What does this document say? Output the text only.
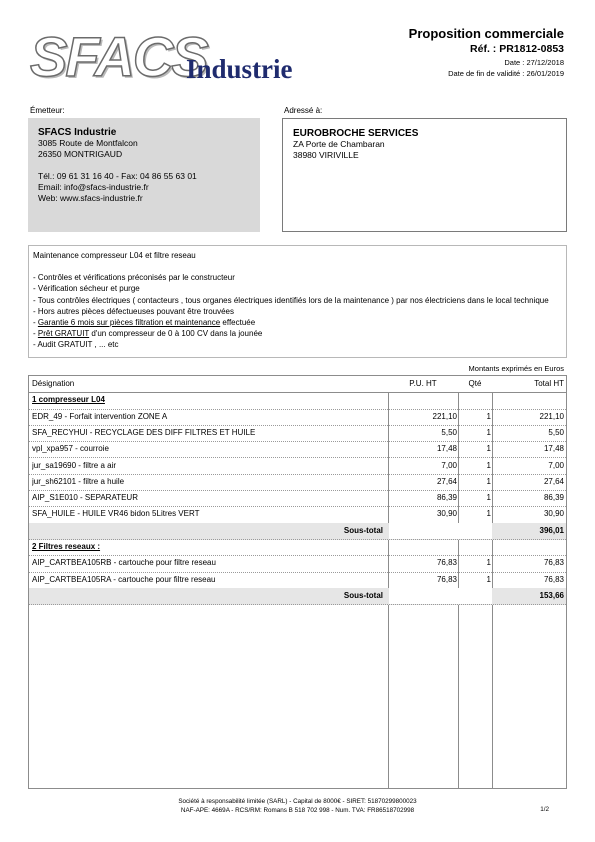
SFACS
Industrie
Proposition commerciale
Réf. : PR1812-0853
Date : 27/12/2018
Date de fin de validité : 26/01/2019
Émetteur:
SFACS Industrie
3085 Route de Montfalcon
26350 MONTRIGAUD
Tél.: 09 61 31 16 40 - Fax: 04 86 55 63 01
Email: info@sfacs-industrie.fr
Web: www.sfacs-industrie.fr
Adressé à:
EUROBROCHE SERVICES
ZA Porte de Chambaran
38980 VIRIVILLE
Maintenance compresseur L04 et filtre reseau
- Contrôles et vérifications préconisés par le constructeur
- Vérification sécheur et purge
- Tous contrôles électriques ( contacteurs , tous organes électriques identifiés lors de la maintenance ) par nos électriciens dans le local technique
- Hors autres pièces défectueuses pouvant être trouvées
- Garantie 6 mois sur pièces filtration et maintenance effectuée
- Prêt GRATUIT d'un compresseur de 0 à 100 CV dans la jounée
- Audit GRATUIT , ... etc
Montants exprimés en Euros
Désignation	P.U. HT	Qté	Total HT
1 compresseur L04
EDR_49 - Forfait intervention ZONE A	221,10	1	221,10
SFA_RECYHUI - RECYCLAGE DES DIFF FILTRES ET HUILE	5,50	1	5,50
vpl_xpa957 - courroie	17,48	1	17,48
jur_sa19690 - filtre a air	7,00	1	7,00
jur_sh62101 - filtre a huile	27,64	1	27,64
AIP_S1E010 - SEPARATEUR	86,39	1	86,39
SFA_HUILE - HUILE VR46 bidon 5Litres VERT	30,90	1	30,90
Sous-total	396,01
2 Filtres reseaux :
AIP_CARTBEA105RB - cartouche pour filtre reseau	76,83	1	76,83
AIP_CARTBEA105RA - cartouche pour filtre reseau	76,83	1	76,83
Sous-total	153,66
Société à responsabilité limitée (SARL) - Capital de 8000€ - SIRET: 51870299800023
NAF-APE: 4669A - RCS/RM: Romans B 518 702 998 - Num. TVA: FR86518702998	1/2
